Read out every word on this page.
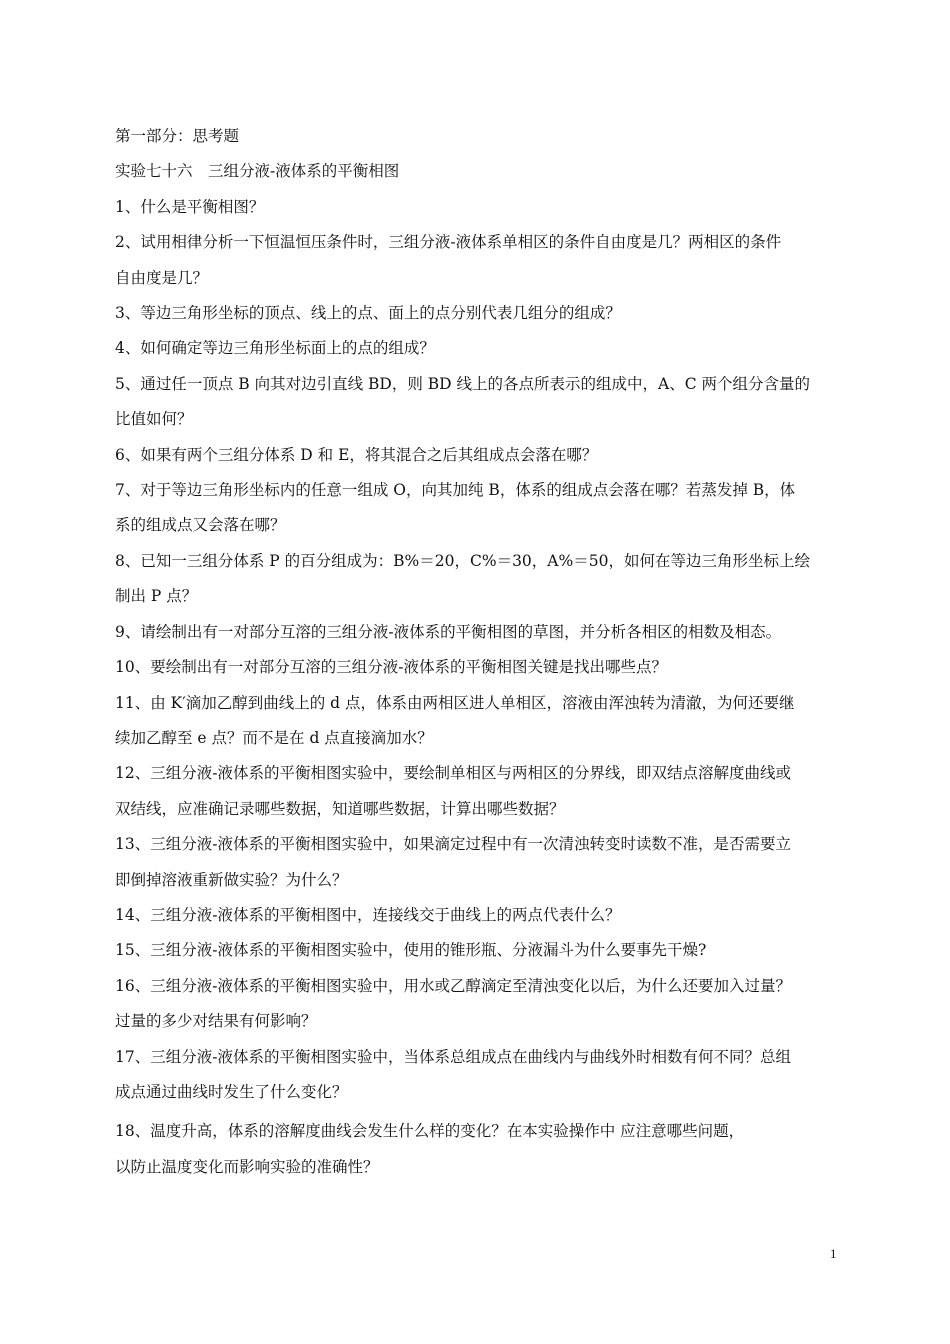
第一部分：思考题

实验七十六　三组分液-液体系的平衡相图

1、什么是平衡相图？

2、试用相律分析一下恒温恒压条件时，三组分液-液体系单相区的条件自由度是几？两相区的条件

自由度是几？

3、等边三角形坐标的顶点、线上的点、面上的点分别代表几组分的组成？

4、如何确定等边三角形坐标面上的点的组成？

5、通过任一顶点 B 向其对边引直线 BD，则 BD 线上的各点所表示的组成中，A、C 两个组分含量的

比值如何？

6、如果有两个三组分体系 D 和 E，将其混合之后其组成点会落在哪？

7、对于等边三角形坐标内的任意一组成 O，向其加纯 B，体系的组成点会落在哪？若蒸发掉 B，体

系的组成点又会落在哪？

8、已知一三组分体系 P 的百分组成为：B%＝20，C%＝30，A%＝50，如何在等边三角形坐标上绘

制出 P 点？

9、请绘制出有一对部分互溶的三组分液-液体系的平衡相图的草图，并分析各相区的相数及相态。

10、要绘制出有一对部分互溶的三组分液-液体系的平衡相图关键是找出哪些点？

11、由 K′滴加乙醇到曲线上的 d 点，体系由两相区进人单相区，溶液由浑浊转为清澈，为何还要继

续加乙醇至 e 点？而不是在 d 点直接滴加水？

12、三组分液-液体系的平衡相图实验中，要绘制单相区与两相区的分界线，即双结点溶解度曲线或

双结线，应准确记录哪些数据，知道哪些数据，计算出哪些数据？

13、三组分液-液体系的平衡相图实验中，如果滴定过程中有一次清浊转变时读数不准，是否需要立

即倒掉溶液重新做实验？为什么？

14、三组分液-液体系的平衡相图中，连接线交于曲线上的两点代表什么？

15、三组分液-液体系的平衡相图实验中，使用的锥形瓶、分液漏斗为什么要事先干燥?

16、三组分液-液体系的平衡相图实验中，用水或乙醇滴定至清浊变化以后，为什么还要加入过量？

过量的多少对结果有何影响？

17、三组分液-液体系的平衡相图实验中，当体系总组成点在曲线内与曲线外时相数有何不同？总组

成点通过曲线时发生了什么变化？

18、温度升高，体系的溶解度曲线会发生什么样的变化？在本实验操作中 应注意哪些问题，

以防止温度变化而影响实验的准确性？

1
